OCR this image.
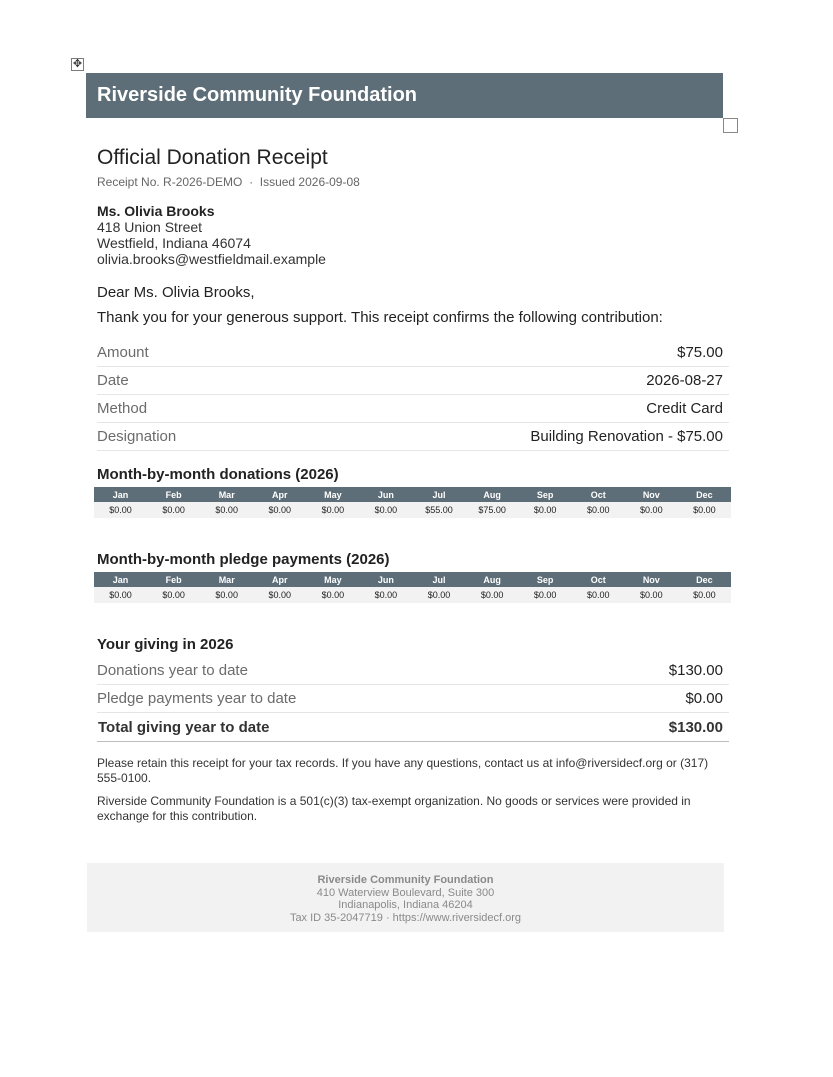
✥
Riverside Community Foundation
Official Donation Receipt
Receipt No. R-2026-DEMO · Issued 2026-09-08
Ms. Olivia Brooks
418 Union Street
Westfield, Indiana 46074
olivia.brooks@westfieldmail.example
Dear Ms. Olivia Brooks,
Thank you for your generous support. This receipt confirms the following contribution:
Amount	$75.00
Date	2026-08-27
Method	Credit Card
Designation	Building Renovation - $75.00
Month-by-month donations (2026)
Jan	Feb	Mar	Apr	May	Jun	Jul	Aug	Sep	Oct	Nov	Dec
$0.00	$0.00	$0.00	$0.00	$0.00	$0.00	$55.00	$75.00	$0.00	$0.00	$0.00	$0.00
Month-by-month pledge payments (2026)
Jan	Feb	Mar	Apr	May	Jun	Jul	Aug	Sep	Oct	Nov	Dec
$0.00	$0.00	$0.00	$0.00	$0.00	$0.00	$0.00	$0.00	$0.00	$0.00	$0.00	$0.00
Your giving in 2026
Donations year to date	$130.00
Pledge payments year to date	$0.00
Total giving year to date	$130.00
Please retain this receipt for your tax records. If you have any questions, contact us at info@riversidecf.org or (317) 555-0100.
Riverside Community Foundation is a 501(c)(3) tax-exempt organization. No goods or services were provided in exchange for this contribution.
Riverside Community Foundation
410 Waterview Boulevard, Suite 300
Indianapolis, Indiana 46204
Tax ID 35-2047719 · https://www.riversidecf.org
